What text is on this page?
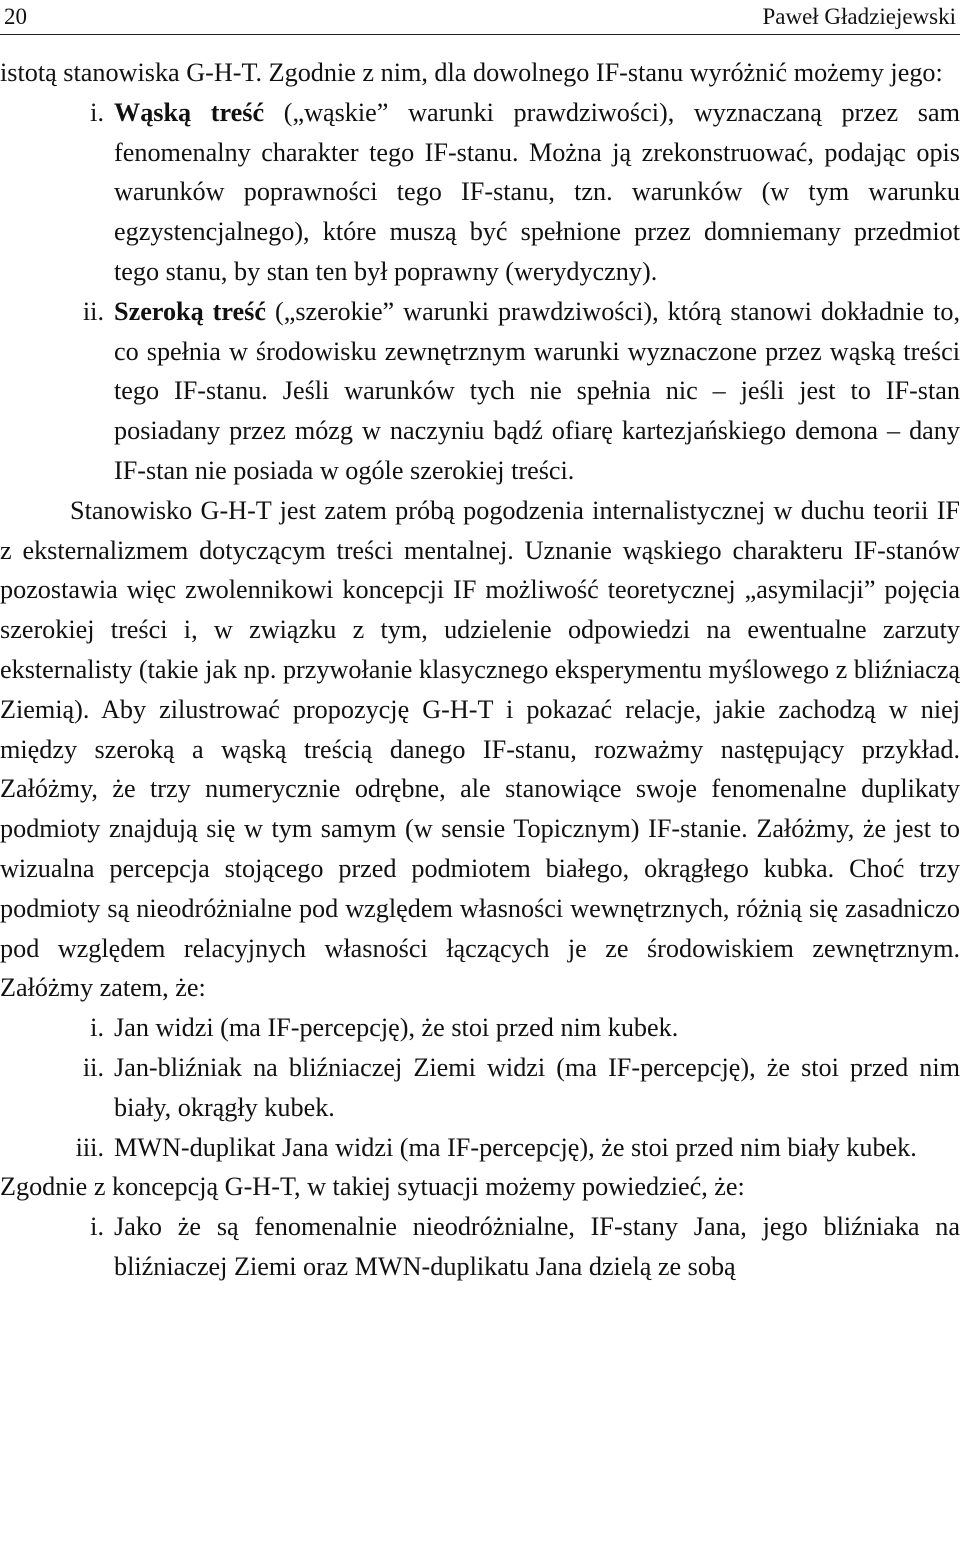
20	Paweł Gładziejewski

istotą stanowiska G-H-T. Zgodnie z nim, dla dowolnego IF-stanu wyróżnić możemy jego:

i. Wąską treść („wąskie” warunki prawdziwości), wyznaczaną przez sam fenomenalny charakter tego IF-stanu. Można ją zrekonstruować, podając opis warunków poprawności tego IF-stanu, tzn. warunków (w tym warunku egzystencjalnego), które muszą być spełnione przez domniemany przedmiot tego stanu, by stan ten był poprawny (werydyczny).

ii. Szeroką treść („szerokie” warunki prawdziwości), którą stanowi dokładnie to, co spełnia w środowisku zewnętrznym warunki wyznaczone przez wąską treści tego IF-stanu. Jeśli warunków tych nie spełnia nic – jeśli jest to IF-stan posiadany przez mózg w naczyniu bądź ofiarę kartezjańskiego demona – dany IF-stan nie posiada w ogóle szerokiej treści.

Stanowisko G-H-T jest zatem próbą pogodzenia internalistycznej w duchu teorii IF z eksternalizmem dotyczącym treści mentalnej. Uznanie wąskiego charakteru IF-stanów pozostawia więc zwolennikowi koncepcji IF możliwość teoretycznej „asymilacji” pojęcia szerokiej treści i, w związku z tym, udzielenie odpowiedzi na ewentualne zarzuty eksternalisty (takie jak np. przywołanie klasycznego eksperymentu myślowego z bliźniaczą Ziemią). Aby zilustrować propozycję G-H-T i pokazać relacje, jakie zachodzą w niej między szeroką a wąską treścią danego IF-stanu, rozważmy następujący przykład. Załóżmy, że trzy numerycznie odrębne, ale stanowiące swoje fenomenalne duplikaty podmioty znajdują się w tym samym (w sensie Topicznym) IF-stanie. Załóżmy, że jest to wizualna percepcja stojącego przed podmiotem białego, okrągłego kubka. Choć trzy podmioty są nieodróżnialne pod względem własności wewnętrznych, różnią się zasadniczo pod względem relacyjnych własności łączących je ze środowiskiem zewnętrznym. Załóżmy zatem, że:

i. Jan widzi (ma IF-percepcję), że stoi przed nim kubek.

ii. Jan-bliźniak na bliźniaczej Ziemi widzi (ma IF-percepcję), że stoi przed nim biały, okrągły kubek.

iii. MWN-duplikat Jana widzi (ma IF-percepcję), że stoi przed nim biały kubek.

Zgodnie z koncepcją G-H-T, w takiej sytuacji możemy powiedzieć, że:

i. Jako że są fenomenalnie nieodróżnialne, IF-stany Jana, jego bliźniaka na bliźniaczej Ziemi oraz MWN-duplikatu Jana dzielą ze sobą
